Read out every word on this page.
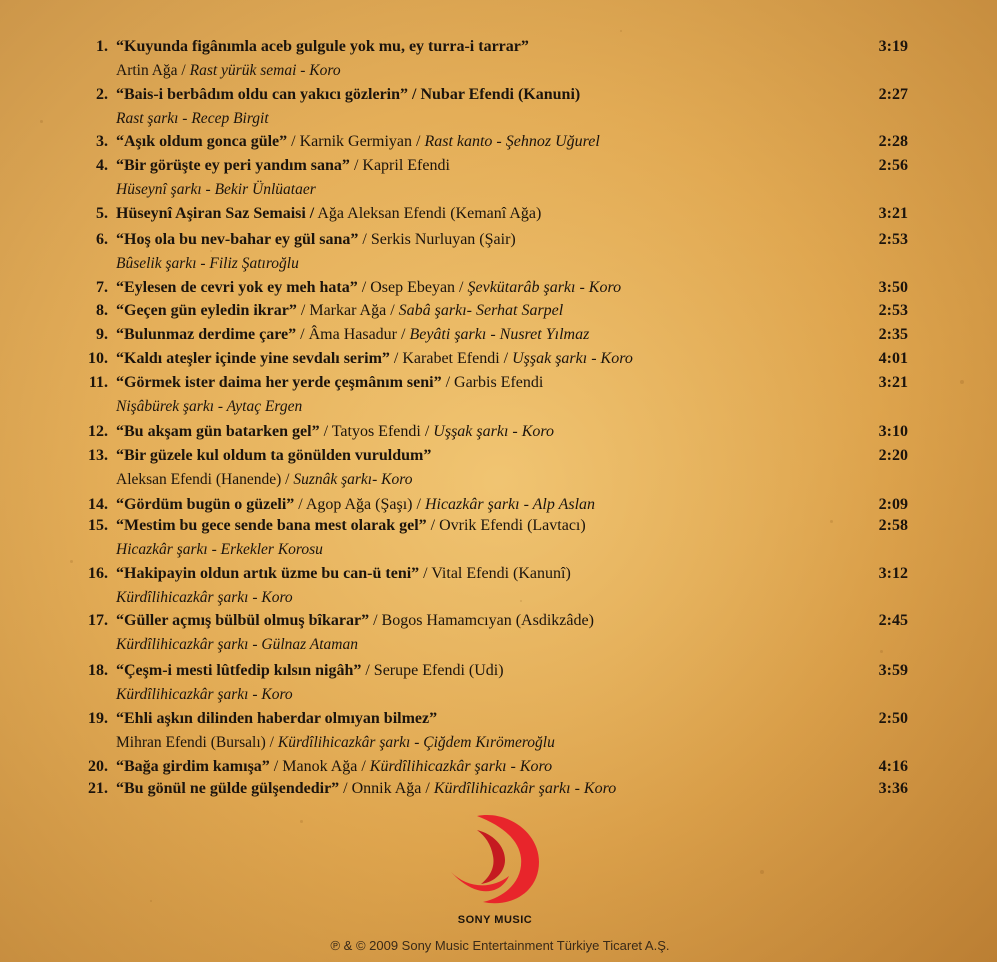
1. “Kuyunda figânımla aceb gulgule yok mu, ey turra-i tarrar”
Artin Ağa / Rast yürük semai - Koro
3:19
2. “Bais-i berbâdım oldu can yakıcı gözlerin” / Nubar Efendi (Kanuni)
Rast şarkı - Recep Birgit
2:27
3. “Aşık oldum gonca güle” / Karnik Germiyan / Rast kanto - Şehnoz Uğurel	2:28
4. “Bir görüşte ey peri yandım sana” / Kapril Efendi
Hüseynî şarkı - Bekir Ünlüataer
2:56
5. Hüseynî Aşiran Saz Semaisi / Ağa Aleksan Efendi (Kemanî Ağa)	3:21
6. “Hoş ola bu nev-bahar ey gül sana” / Serkis Nurluyan (Şair)
Bûselik şarkı - Filiz Şatıroğlu
2:53
7. “Eylesen de cevri yok ey meh hata” / Osep Ebeyan / Şevkütarâb şarkı - Koro	3:50
8. “Geçen gün eyledin ikrar” / Markar Ağa / Sabâ şarkı- Serhat Sarpel	2:53
9. “Bulunmaz derdime çare” / Âma Hasadur / Beyâti şarkı - Nusret Yılmaz	2:35
10. “Kaldı ateşler içinde yine sevdalı serim” / Karabet Efendi / Uşşak şarkı - Koro	4:01
11. “Görmek ister daima her yerde çeşmânım seni” / Garbis Efendi
Nişâbürek şarkı - Aytaç Ergen
3:21
12. “Bu akşam gün batarken gel” / Tatyos Efendi / Uşşak şarkı - Koro	3:10
13. “Bir güzele kul oldum ta gönülden vuruldum”
Aleksan Efendi (Hanende) / Suznâk şarkı- Koro
2:20
14. “Gördüm bugün o güzeli” / Agop Ağa (Şaşı) / Hicazkâr şarkı - Alp Aslan	2:09
15. “Mestim bu gece sende bana mest olarak gel” / Ovrik Efendi (Lavtacı)
Hicazkâr şarkı - Erkekler Korosu
2:58
16. “Hakipayin oldun artık üzme bu can-ü teni” / Vital Efendi (Kanunî)
Kürdîlihicazkâr şarkı - Koro
3:12
17. “Güller açmış bülbül olmuş bîkarar” / Bogos Hamamcıyan (Asdikzâde)
Kürdîlihicazkâr şarkı - Gülnaz Ataman
2:45
18. “Çeşm-i mesti lûtfedip kılsın nigâh” / Serupe Efendi (Udi)
Kürdîlihicazkâr şarkı - Koro
3:59
19. “Ehli aşkın dilinden haberdar olmıyan bilmez”
Mihran Efendi (Bursalı) / Kürdîlihicazkâr şarkı - Çiğdem Kırömeroğlu
2:50
20. “Bağa girdim kamışa” / Manok Ağa / Kürdîlihicazkâr şarkı - Koro	4:16
21. “Bu gönül ne gülde gülşendedir” / Onnik Ağa / Kürdîlihicazkâr şarkı - Koro	3:36
SONY MUSIC
℗ & © 2009 Sony Music Entertainment Türkiye Ticaret A.Ş.
